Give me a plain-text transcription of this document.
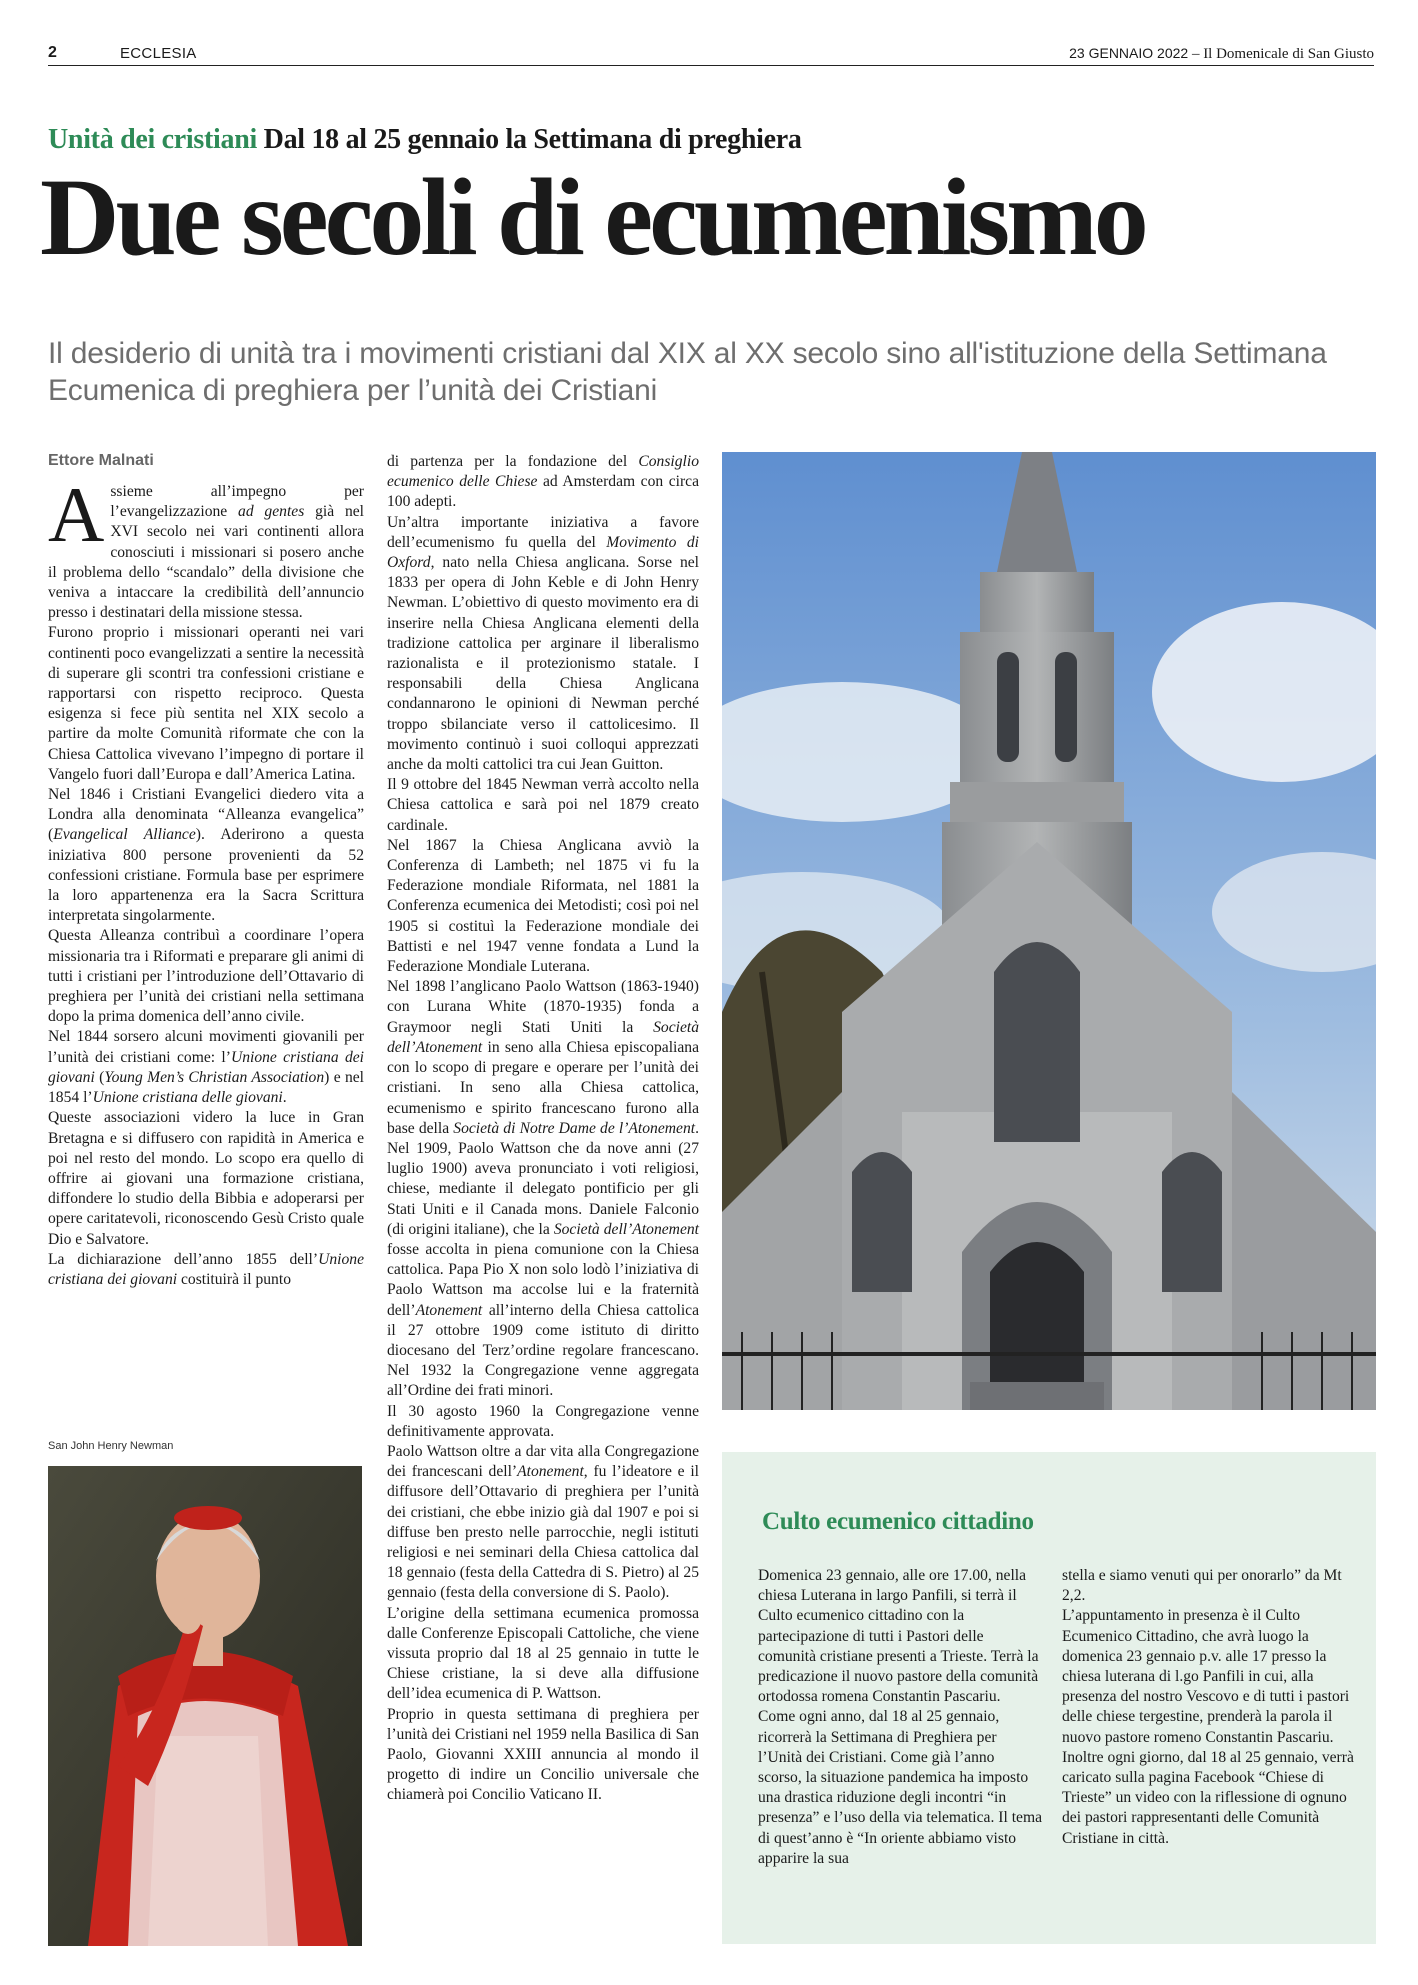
2	ECCLESIA	23 GENNAIO 2022 – Il Domenicale di San Giusto
Unità dei cristiani Dal 18 al 25 gennaio la Settimana di preghiera
Due secoli di ecumenismo
Il desiderio di unità tra i movimenti cristiani dal XIX al XX secolo sino all'istituzione della Settimana Ecumenica di preghiera per l’unità dei Cristiani
Ettore Malnati

Assieme all’impegno per l’evangelizzazione ad gentes già nel XVI secolo nei vari continenti allora conosciuti i missionari si posero anche il problema dello “scandalo” della divisione che veniva a intaccare la credibilità dell’annuncio presso i destinatari della missione stessa.

Furono proprio i missionari operanti nei vari continenti poco evangelizzati a sentire la necessità di superare gli scontri tra confessioni cristiane e rapportarsi con rispetto reciproco. Questa esigenza si fece più sentita nel XIX secolo a partire da molte Comunità riformate che con la Chiesa Cattolica vivevano l’impegno di portare il Vangelo fuori dall’Europa e dall’America Latina.

Nel 1846 i Cristiani Evangelici diedero vita a Londra alla denominata “Alleanza evangelica” (Evangelical Alliance). Aderirono a questa iniziativa 800 persone provenienti da 52 confessioni cristiane. Formula base per esprimere la loro appartenenza era la Sacra Scrittura interpretata singolarmente.

Questa Alleanza contribuì a coordinare l’opera missionaria tra i Riformati e preparare gli animi di tutti i cristiani per l’introduzione dell’Ottavario di preghiera per l’unità dei cristiani nella settimana dopo la prima domenica dell’anno civile.

Nel 1844 sorsero alcuni movimenti giovanili per l’unità dei cristiani come: l’Unione cristiana dei giovani (Young Men’s Christian Association) e nel 1854 l’Unione cristiana delle giovani.

Queste associazioni videro la luce in Gran Bretagna e si diffusero con rapidità in America e poi nel resto del mondo. Lo scopo era quello di offrire ai giovani una formazione cristiana, diffondere lo studio della Bibbia e adoperarsi per opere caritatevoli, riconoscendo Gesù Cristo quale Dio e Salvatore.

La dichiarazione dell’anno 1855 dell’Unione cristiana dei giovani costituirà il punto

San John Henry Newman

di partenza per la fondazione del Consiglio ecumenico delle Chiese ad Amsterdam con circa 100 adepti.

Un’altra importante iniziativa a favore dell’ecumenismo fu quella del Movimento di Oxford, nato nella Chiesa anglicana. Sorse nel 1833 per opera di John Keble e di John Henry Newman. L’obiettivo di questo movimento era di inserire nella Chiesa Anglicana elementi della tradizione cattolica per arginare il liberalismo razionalista e il protezionismo statale. I responsabili della Chiesa Anglicana condannarono le opinioni di Newman perché troppo sbilanciate verso il cattolicesimo. Il movimento continuò i suoi colloqui apprezzati anche da molti cattolici tra cui Jean Guitton.

Il 9 ottobre del 1845 Newman verrà accolto nella Chiesa cattolica e sarà poi nel 1879 creato cardinale.

Nel 1867 la Chiesa Anglicana avviò la Conferenza di Lambeth; nel 1875 vi fu la Federazione mondiale Riformata, nel 1881 la Conferenza ecumenica dei Metodisti; così poi nel 1905 si costituì la Federazione mondiale dei Battisti e nel 1947 venne fondata a Lund la Federazione Mondiale Luterana.

Nel 1898 l’anglicano Paolo Wattson (1863-1940) con Lurana White (1870-1935) fonda a Graymoor negli Stati Uniti la Società dell’Atonement in seno alla Chiesa episcopaliana con lo scopo di pregare e operare per l’unità dei cristiani. In seno alla Chiesa cattolica, ecumenismo e spirito francescano furono alla base della Società di Notre Dame de l’Atonement. Nel 1909, Paolo Wattson che da nove anni (27 luglio 1900) aveva pronunciato i voti religiosi, chiese, mediante il delegato pontificio per gli Stati Uniti e il Canada mons. Daniele Falconio (di origini italiane), che la Società dell’Atonement fosse accolta in piena comunione con la Chiesa cattolica. Papa Pio X non solo lodò l’iniziativa di Paolo Wattson ma accolse lui e la fraternità dell’Atonement all’interno della Chiesa cattolica il 27 ottobre 1909 come istituto di diritto diocesano del Terz’ordine regolare francescano. Nel 1932 la Congregazione venne aggregata all’Ordine dei frati minori.

Il 30 agosto 1960 la Congregazione venne definitivamente approvata.

Paolo Wattson oltre a dar vita alla Congregazione dei francescani dell’Atonement, fu l’ideatore e il diffusore dell’Ottavario di preghiera per l’unità dei cristiani, che ebbe inizio già dal 1907 e poi si diffuse ben presto nelle parrocchie, negli istituti religiosi e nei seminari della Chiesa cattolica dal 18 gennaio (festa della Cattedra di S. Pietro) al 25 gennaio (festa della conversione di S. Paolo).

L’origine della settimana ecumenica promossa dalle Conferenze Episcopali Cattoliche, che viene vissuta proprio dal 18 al 25 gennaio in tutte le Chiese cristiane, la si deve alla diffusione dell’idea ecumenica di P. Wattson.

Proprio in questa settimana di preghiera per l’unità dei Cristiani nel 1959 nella Basilica di San Paolo, Giovanni XXIII annuncia al mondo il progetto di indire un Concilio universale che chiamerà poi Concilio Vaticano II.

Culto ecumenico cittadino

Domenica 23 gennaio, alle ore 17.00, nella chiesa Luterana in largo Panfili, si terrà il Culto ecumenico cittadino con la partecipazione di tutti i Pastori delle comunità cristiane presenti a Trieste. Terrà la predicazione il nuovo pastore della comunità ortodossa romena Constantin Pascariu.

Come ogni anno, dal 18 al 25 gennaio, ricorrerà la Settimana di Preghiera per l’Unità dei Cristiani. Come già l’anno scorso, la situazione pandemica ha imposto una drastica riduzione degli incontri “in presenza” e l’uso della via telematica. Il tema di quest’anno è “In oriente abbiamo visto apparire la sua

stella e siamo venuti qui per onorarlo” da Mt 2,2.

L’appuntamento in presenza è il Culto Ecumenico Cittadino, che avrà luogo la domenica 23 gennaio p.v. alle 17 presso la chiesa luterana di l.go Panfili in cui, alla presenza del nostro Vescovo e di tutti i pastori delle chiese tergestine, prenderà la parola il nuovo pastore romeno Constantin Pascariu.

Inoltre ogni giorno, dal 18 al 25 gennaio, verrà caricato sulla pagina Facebook “Chiese di Trieste” un video con la riflessione di ognuno dei pastori rappresentanti delle Comunità Cristiane in città.
